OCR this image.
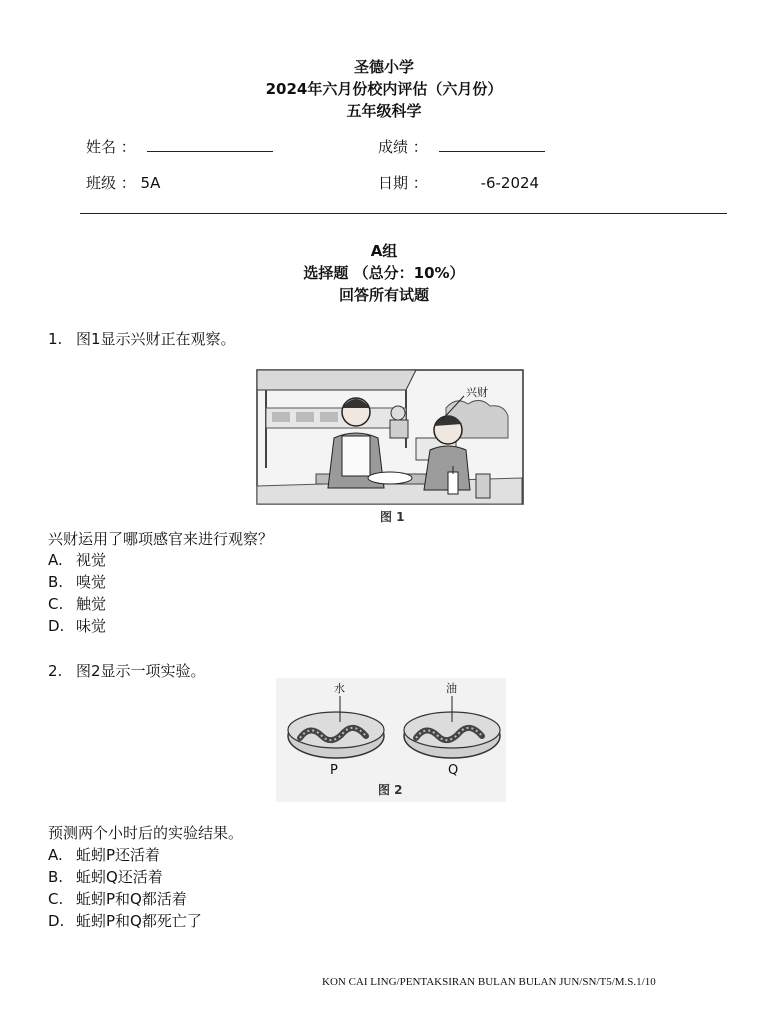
圣德小学
2024年六月份校内评估（六月份）
五年级科学
姓名 ：	成绩 ：
班级 ： 5A	日期 ：	-6-2024
A组
选择题 （总分：10%）
回答所有试题
1. 图1显示兴财正在观察。
兴财
图 1
兴财运用了哪项感官来进行观察？
A. 视觉
B. 嗅觉
C. 触觉
D. 味觉
2. 图2显示一项实验。
水	油
P	Q
图 2
预测两个小时后的实验结果。
A. 蚯蚓P还活着
B. 蚯蚓Q还活着
C. 蚯蚓P和Q都活着
D. 蚯蚓P和Q都死亡了
KON CAI LING/PENTAKSIRAN BULAN BULAN JUN/SN/T5/M.S.1/10
